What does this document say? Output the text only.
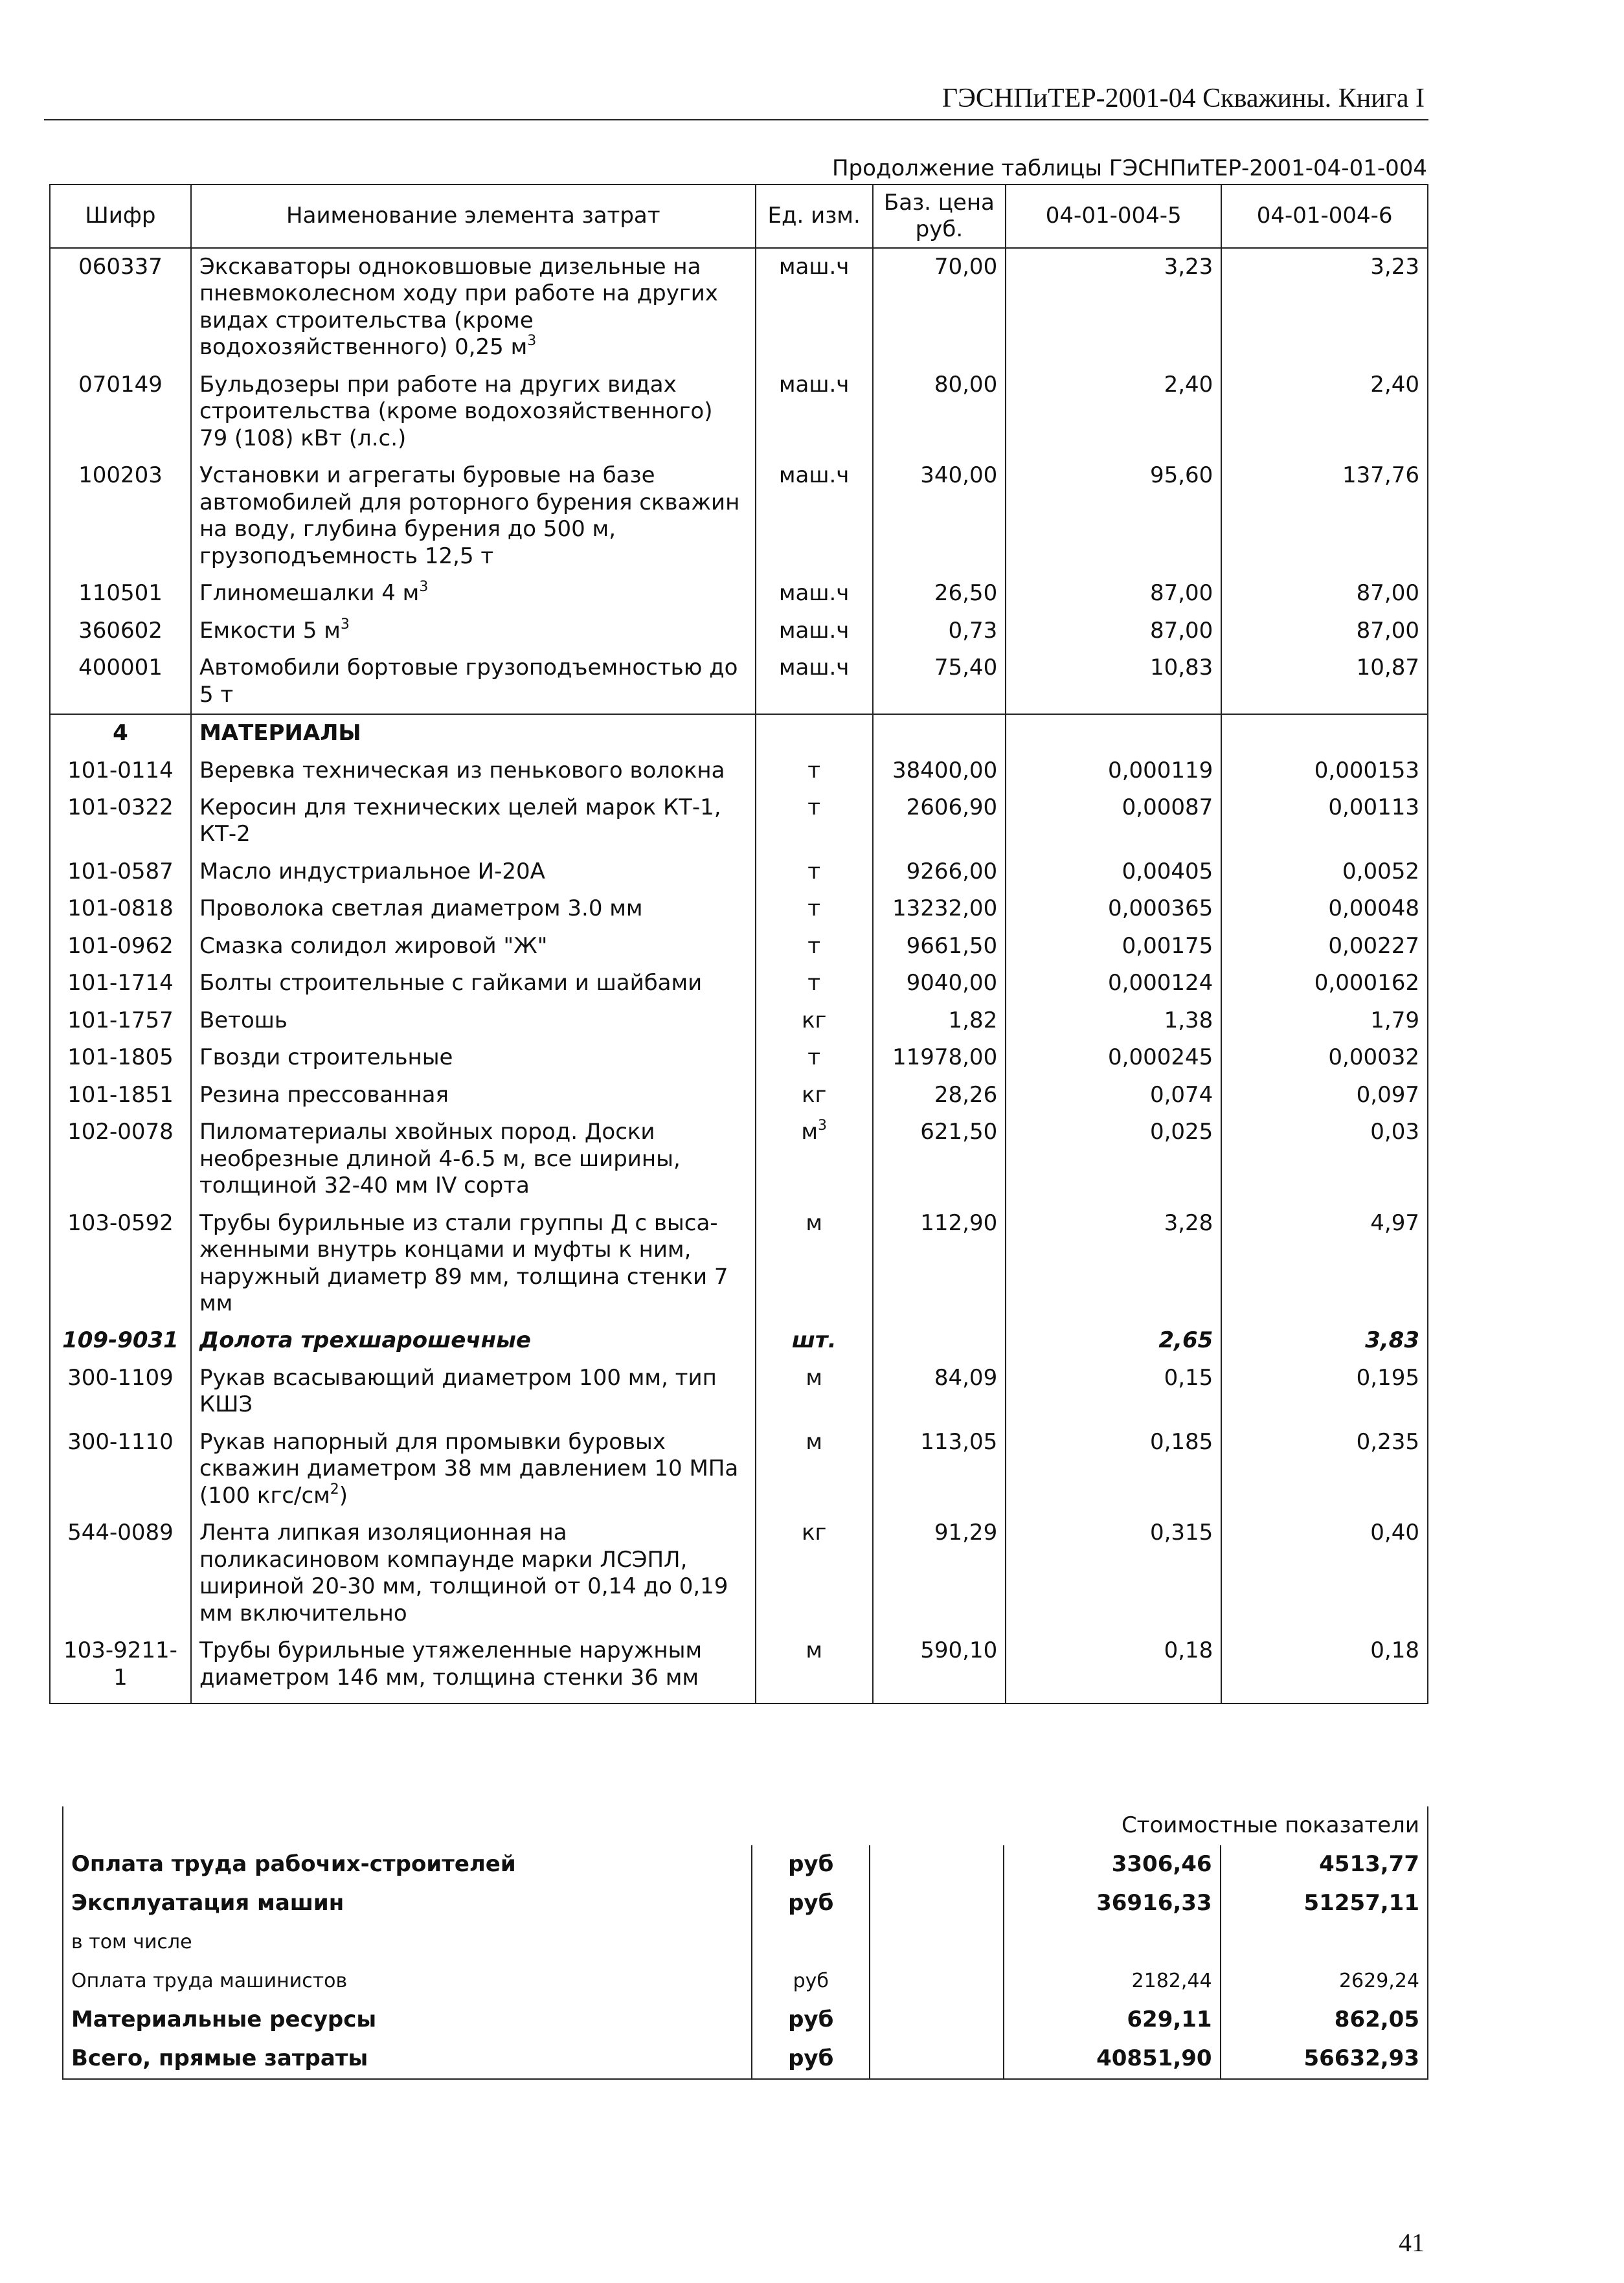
ГЭСНПиТЕР-2001-04 Скважины. Книга I
Продолжение таблицы ГЭСНПиТЕР-2001-04-01-004
Шифр	Наименование элемента затрат	Ед. изм.	Баз. цена руб.	04-01-004-5	04-01-004-6
060337	Экскаваторы одноковшовые дизельные на пневмоколесном ходу при работе на других видах строительства (кроме водохозяйственного) 0,25 $м^3$	маш.ч	70,00	3,23	3,23
070149	Бульдозеры при работе на других видах строительства (кроме водохозяйственного) 79 (108) кВт (л.с.)	маш.ч	80,00	2,40	2,40
100203	Установки и агрегаты буровые на базе автомобилей для роторного бурения скважин на воду, глубина бурения до 500 м, грузоподъемность 12,5 т	маш.ч	340,00	95,60	137,76
110501	Глиномешалки 4 $м^3$	маш.ч	26,50	87,00	87,00
360602	Емкости 5 $м^3$	маш.ч	0,73	87,00	87,00
400001	Автомобили бортовые грузоподъемностью до 5 т	маш.ч	75,40	10,83	10,87
4	МАТЕРИАЛЫ				
101-0114	Веревка техническая из пенькового волокна	т	38400,00	0,000119	0,000153
101-0322	Керосин для технических целей марок КТ-1, КТ-2	т	2606,90	0,00087	0,00113
101-0587	Масло индустриальное И-20А	т	9266,00	0,00405	0,0052
101-0818	Проволока светлая диаметром 3.0 мм	т	13232,00	0,000365	0,00048
101-0962	Смазка солидол жировой "Ж"	т	9661,50	0,00175	0,00227
101-1714	Болты строительные с гайками и шайбами	т	9040,00	0,000124	0,000162
101-1757	Ветошь	кг	1,82	1,38	1,79
101-1805	Гвозди строительные	т	11978,00	0,000245	0,00032
101-1851	Резина прессованная	кг	28,26	0,074	0,097
102-0078	Пиломатериалы хвойных пород. Доски необрезные длиной 4-6.5 м, все ширины, толщиной 32-40 мм IV сорта	$м^3$	621,50	0,025	0,03
103-0592	Трубы бурильные из стали группы Д с выса-женными внутрь концами и муфты к ним, наружный диаметр 89 мм, толщина стенки 7 мм	м	112,90	3,28	4,97
109-9031	Долота трехшарошечные	шт.		2,65	3,83
300-1109	Рукав всасывающий диаметром 100 мм, тип КШЗ	м	84,09	0,15	0,195
300-1110	Рукав напорный для промывки буровых скважин диаметром 38 мм давлением 10 МПа (100 кгс/$см^2$)	м	113,05	0,185	0,235
544-0089	Лента липкая изоляционная на поликасиновом компаунде марки ЛСЭПЛ, шириной 20-30 мм, толщиной от 0,14 до 0,19 мм включительно	кг	91,29	0,315	0,40
103-9211-1	Трубы бурильные утяжеленные наружным диаметром 146 мм, толщина стенки 36 мм	м	590,10	0,18	0,18

Стоимостные показатели				
Оплата труда рабочих-строителей	руб		3306,46	4513,77
Эксплуатация машин	руб		36916,33	51257,11
в том числе				
Оплата труда машинистов	руб		2182,44	2629,24
Материальные ресурсы	руб		629,11	862,05
Всего, прямые затраты	руб		40851,90	56632,93
41
